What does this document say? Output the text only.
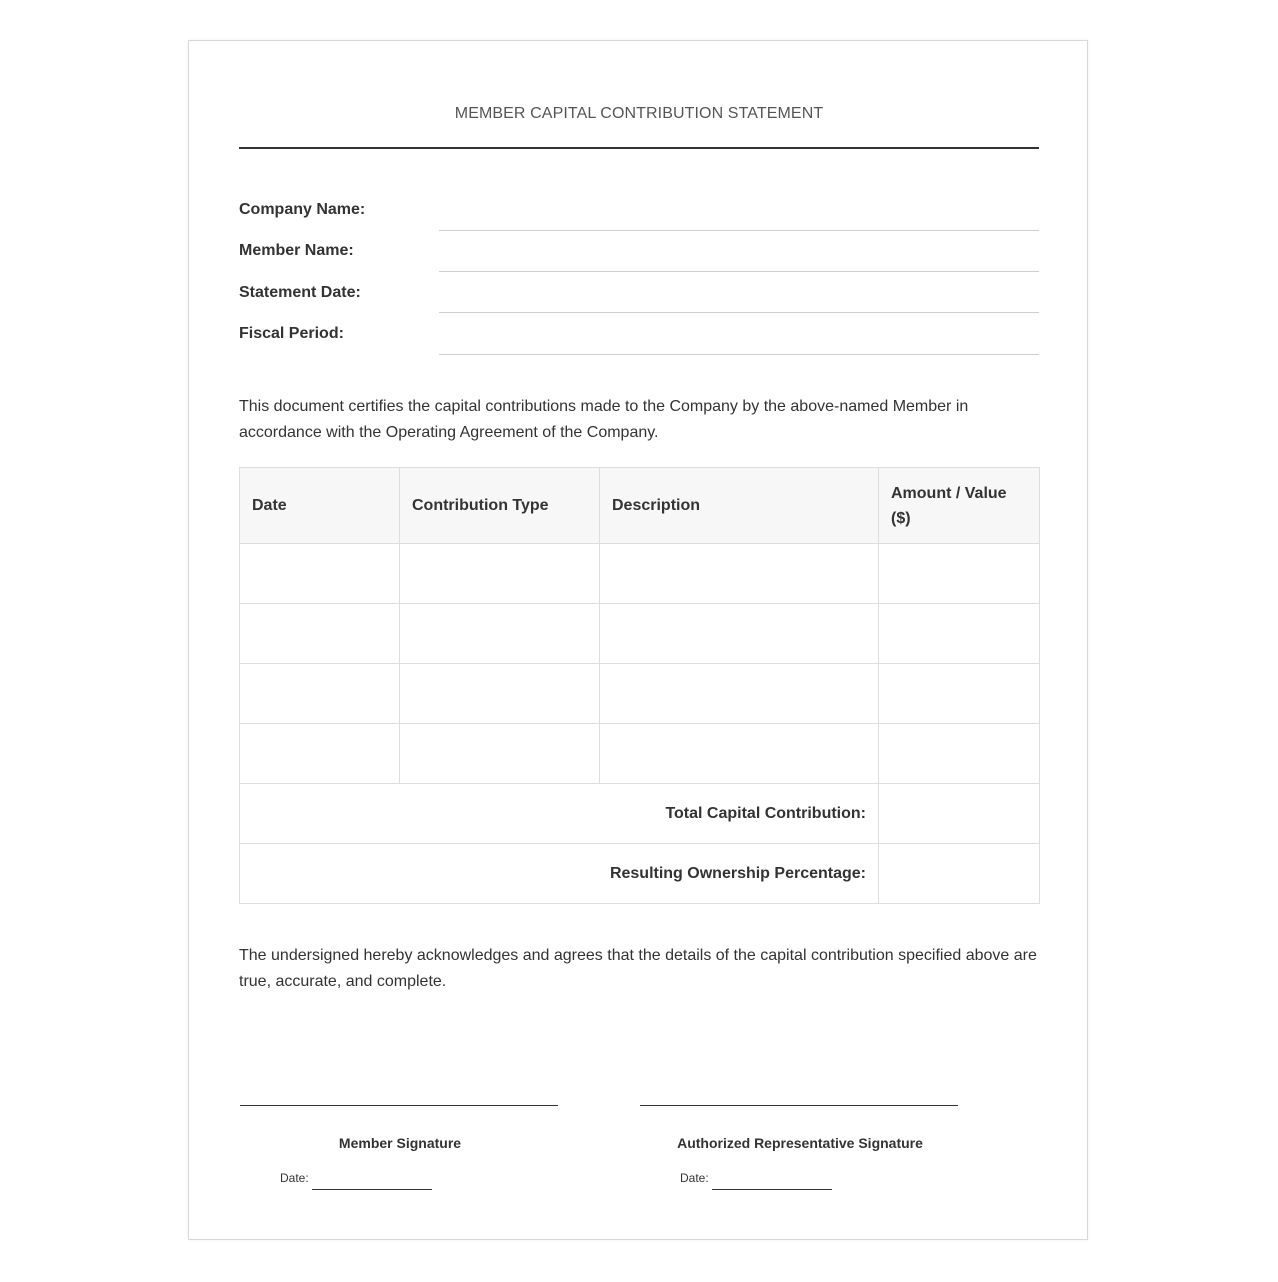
MEMBER CAPITAL CONTRIBUTION STATEMENT
Company Name:
Member Name:
Statement Date:
Fiscal Period:
This document certifies the capital contributions made to the Company by the above-named Member in accordance with the Operating Agreement of the Company.
Date	Contribution Type	Description	Amount / Value ($)

Total Capital Contribution:			
Resulting Ownership Percentage:			
The undersigned hereby acknowledges and agrees that the details of the capital contribution specified above are true, accurate, and complete.
Member Signature
Date:
Authorized Representative Signature
Date:
